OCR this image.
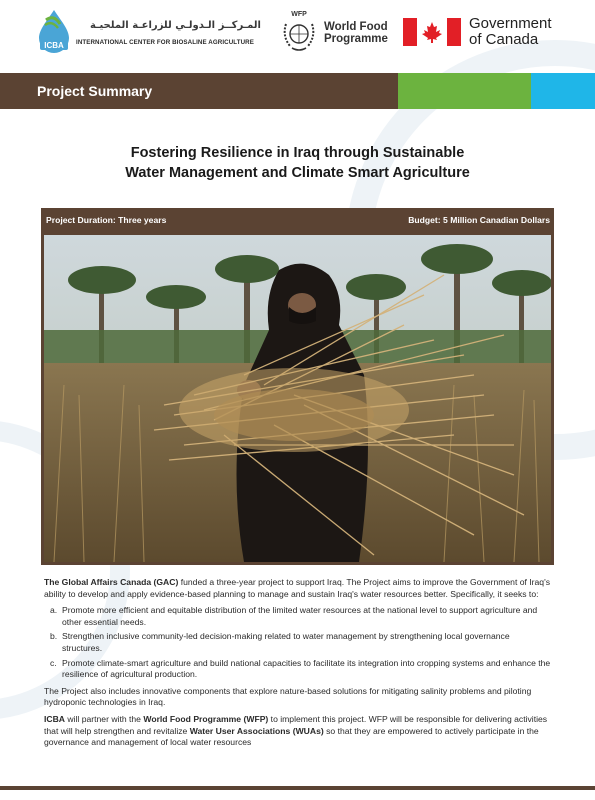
ICBA
المـركــز الـدولـي للزراعـة الملحيـة
INTERNATIONAL CENTER FOR BIOSALINE AGRICULTURE
WFP
World Food
Programme
Government
of Canada
Project Summary
Fostering Resilience in Iraq through Sustainable
Water Management and Climate Smart Agriculture
Project Duration: Three years	Budget: 5 Million Canadian Dollars

The Global Affairs Canada (GAC) funded a three-year project to support Iraq. The Project aims to improve the Government of Iraq's ability to develop and apply evidence-based planning to manage and sustain Iraq's water resources better. Specifically, it seeks to:

a. Promote more efficient and equitable distribution of the limited water resources at the national level to support agriculture and other essential needs.
b. Strengthen inclusive community-led decision-making related to water management by strengthening local governance structures.
c. Promote climate-smart agriculture and build national capacities to facilitate its integration into cropping systems and enhance the resilience of agricultural production.

The Project also includes innovative components that explore nature-based solutions for mitigating salinity problems and piloting hydroponic technologies in Iraq.

ICBA will partner with the World Food Programme (WFP) to implement this project. WFP will be responsible for delivering activities that will help strengthen and revitalize Water User Associations (WUAs) so that they are empowered to actively participate in the governance and management of local water resources
